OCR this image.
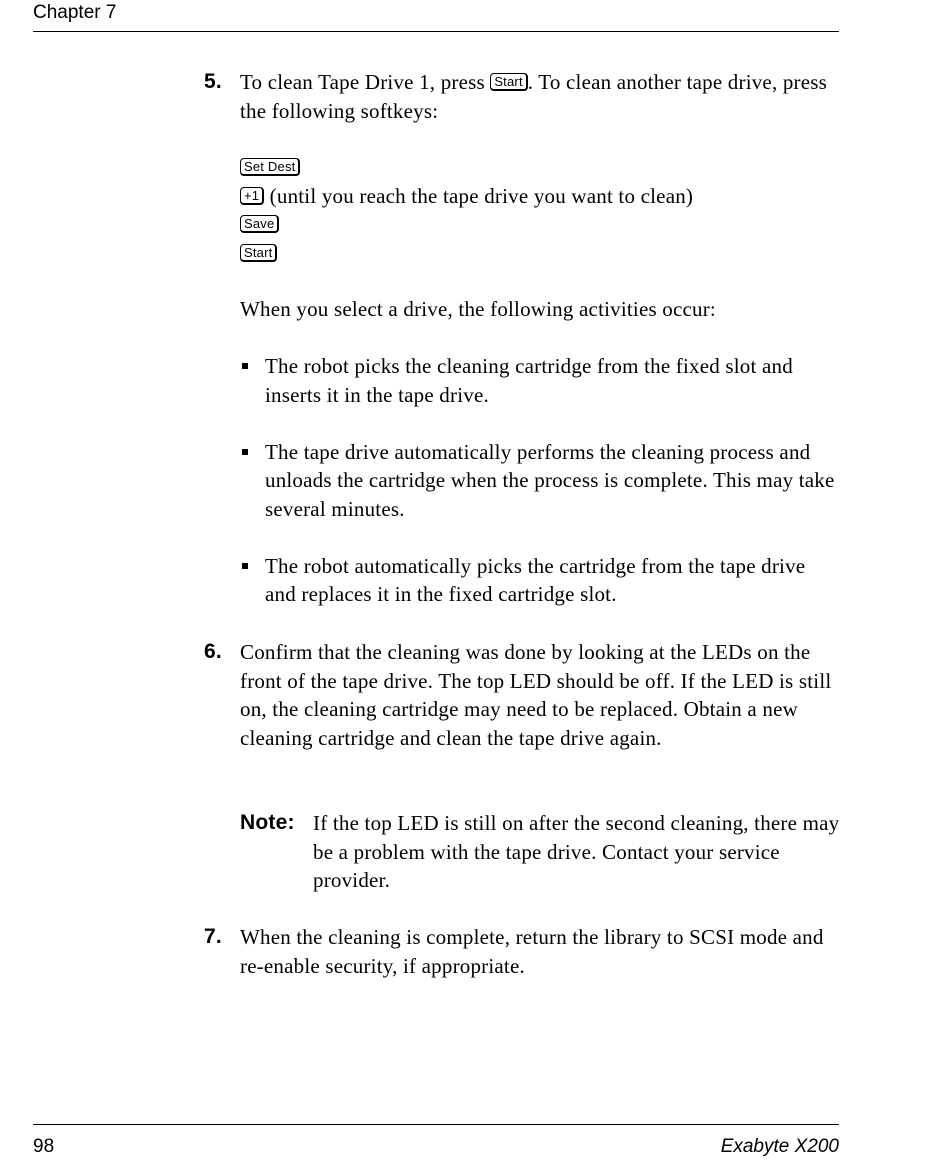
Chapter 7
5. To clean Tape Drive 1, press Start . To clean another tape drive, press the following softkeys:
Set Dest
+1 (until you reach the tape drive you want to clean)
Save
Start
When you select a drive, the following activities occur:
The robot picks the cleaning cartridge from the fixed slot and inserts it in the tape drive.
The tape drive automatically performs the cleaning process and unloads the cartridge when the process is complete. This may take several minutes.
The robot automatically picks the cartridge from the tape drive and replaces it in the fixed cartridge slot.
6. Confirm that the cleaning was done by looking at the LEDs on the front of the tape drive. The top LED should be off. If the LED is still on, the cleaning cartridge may need to be replaced. Obtain a new cleaning cartridge and clean the tape drive again.
Note: If the top LED is still on after the second cleaning, there may be a problem with the tape drive. Contact your service provider.
7. When the cleaning is complete, return the library to SCSI mode and re-enable security, if appropriate.
98	Exabyte X200
